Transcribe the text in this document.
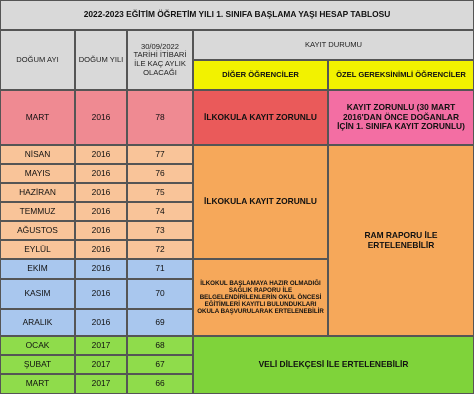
2022-2023 EĞİTİM ÖĞRETİM YILI 1. SINIFA BAŞLAMA YAŞI HESAP TABLOSU
DOĞUM AYI	DOĞUM YILI
30/09/2022 TARİHİ İTİBARİ İLE KAÇ AYLIK OLACAĞI
KAYIT DURUMU
DİĞER ÖĞRENCİLER	ÖZEL GEREKSİNİMLİ ÖĞRENCİLER
MART	2016	78	İLKOKULA KAYIT ZORUNLU
KAYIT ZORUNLU (30 MART 2016'DAN ÖNCE DOĞANLAR İÇİN 1. SINIFA KAYIT ZORUNLU)
NİSAN	2016	77
MAYIS	2016	76
HAZİRAN	2016	75
TEMMUZ	2016	74
AĞUSTOS	2016	73
EYLÜL	2016	72
İLKOKULA KAYIT ZORUNLU
EKİM	2016	71
KASIM	2016	70
ARALIK	2016	69
İLKOKUL BAŞLAMAYA HAZIR OLMADIĞI SAĞLIK RAPORU İLE BELGELENDİRİLENLERİN OKUL ÖNCESİ EĞİTİMLERİ KAYITLI BULUNDUKLARI OKULA BAŞVURULARAK ERTELENEBİLİR
RAM RAPORU İLE ERTELENEBİLİR
OCAK	2017	68
ŞUBAT	2017	67
MART	2017	66
VELİ DİLEKÇESİ İLE ERTELENEBİLİR
